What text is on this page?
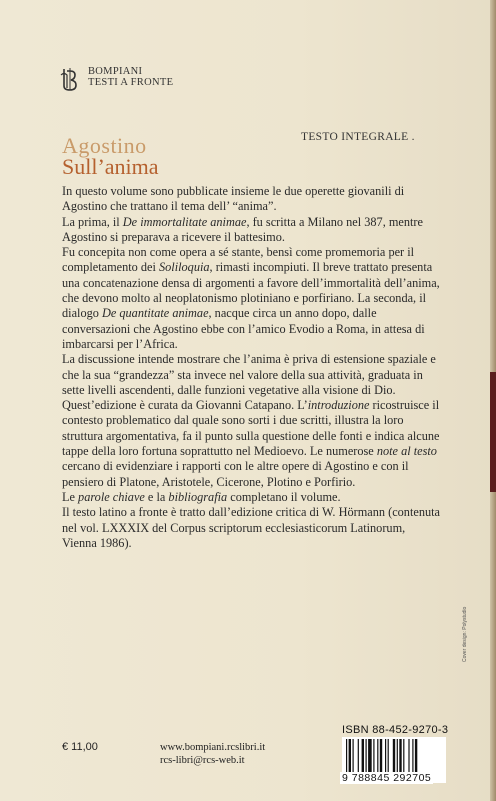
BOMPIANI
TESTI A FRONTE
Agostino
Sull’anima
TESTO INTEGRALE .

In questo volume sono pubblicate insieme le due operette giovanili di Agostino che trattano il tema dell’ “anima”.

La prima, il De immortalitate animae, fu scritta a Milano nel 387, mentre Agostino si preparava a ricevere il battesimo.

Fu concepita non come opera a sé stante, bensì come promemoria per il completamento dei Soliloquia, rimasti incompiuti. Il breve trattato presenta una concatenazione densa di argomenti a favore dell’immortalità dell’anima, che devono molto al neoplatonismo plotiniano e porfiriano. La seconda, il dialogo De quantitate animae, nacque circa un anno dopo, dalle conversazioni che Agostino ebbe con l’amico Evodio a Roma, in attesa di imbarcarsi per l’Africa.

La discussione intende mostrare che l’anima è priva di estensione spaziale e che la sua “grandezza” sta invece nel valore della sua attività, graduata in sette livelli ascendenti, dalle funzioni vegetative alla visione di Dio.

Quest’edizione è curata da Giovanni Catapano. L’introduzione ricostruisce il contesto problematico dal quale sono sorti i due scritti, illustra la loro struttura argomentativa, fa il punto sulla questione delle fonti e indica alcune tappe della loro fortuna soprattutto nel Medioevo. Le numerose note al testo cercano di evidenziare i rapporti con le altre opere di Agostino e con il pensiero di Platone, Aristotele, Cicerone, Plotino e Porfirio.

Le parole chiave e la bibliografia completano il volume.

Il testo latino a fronte è tratto dall’edizione critica di W. Hörmann (contenuta nel vol. LXXXIX del Corpus scriptorum ecclesiasticorum Latinorum, Vienna 1986).

Cover design: Polystudio
ISBN 88-452-9270-3
9 788845 292705
€ 11,00	www.bompiani.rcslibri.it
rcs-libri@rcs-web.it
